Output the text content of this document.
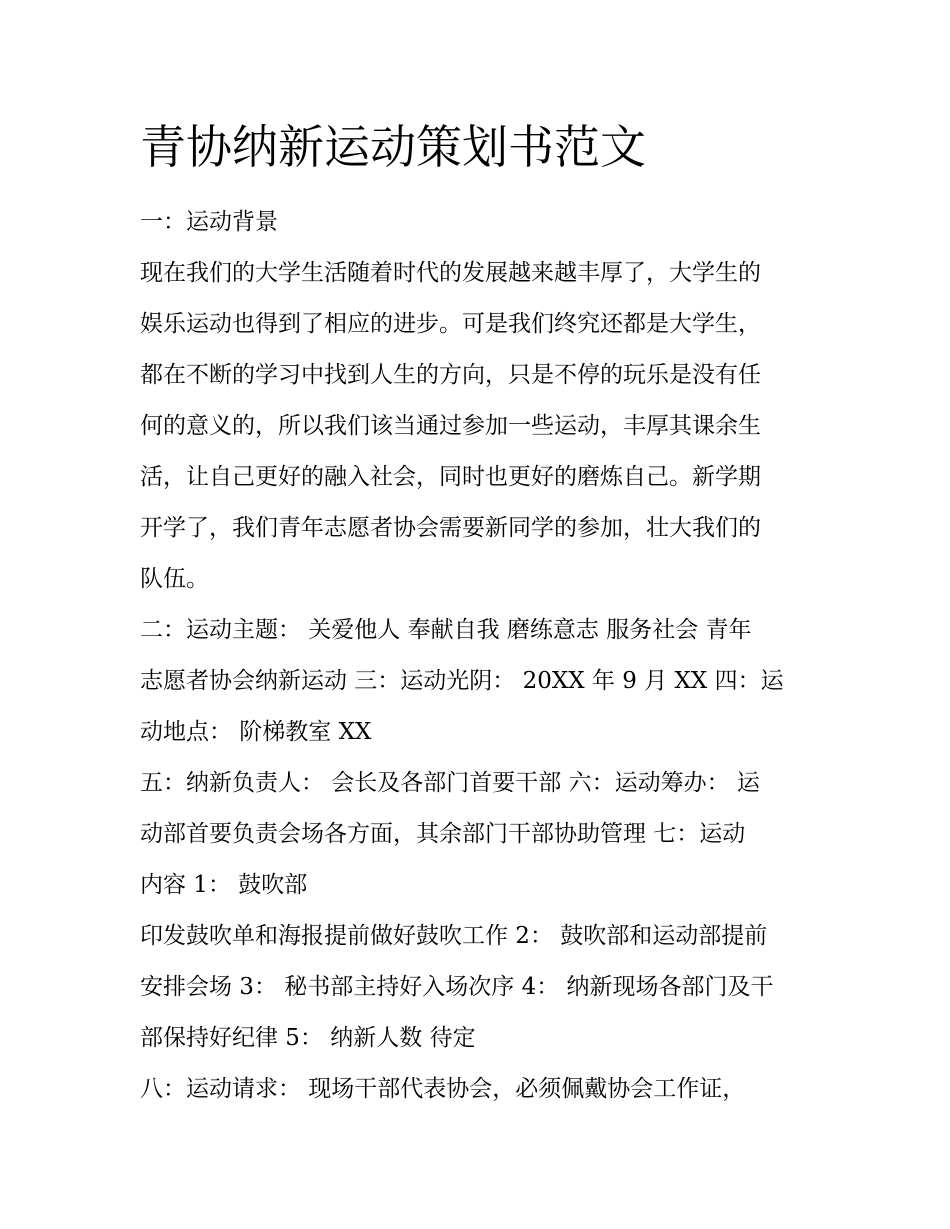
青协纳新运动策划书范文
一：运动背景
现在我们的大学生活随着时代的发展越来越丰厚了，大学生的
娱乐运动也得到了相应的进步。可是我们终究还都是大学生，
都在不断的学习中找到人生的方向，只是不停的玩乐是没有任
何的意义的，所以我们该当通过参加一些运动，丰厚其课余生
活，让自己更好的融入社会，同时也更好的磨炼自己。新学期
开学了，我们青年志愿者协会需要新同学的参加，壮大我们的
队伍。
二：运动主题： 关爱他人 奉献自我 磨练意志 服务社会 青年
志愿者协会纳新运动 三：运动光阴： 20XX 年 9 月 XX 四：运
动地点： 阶梯教室 XX
五：纳新负责人： 会长及各部门首要干部 六：运动筹办： 运
动部首要负责会场各方面，其余部门干部协助管理 七：运动
内容 1： 鼓吹部
印发鼓吹单和海报提前做好鼓吹工作 2： 鼓吹部和运动部提前
安排会场 3： 秘书部主持好入场次序 4： 纳新现场各部门及干
部保持好纪律 5： 纳新人数 待定
八：运动请求： 现场干部代表协会，必须佩戴协会工作证，
